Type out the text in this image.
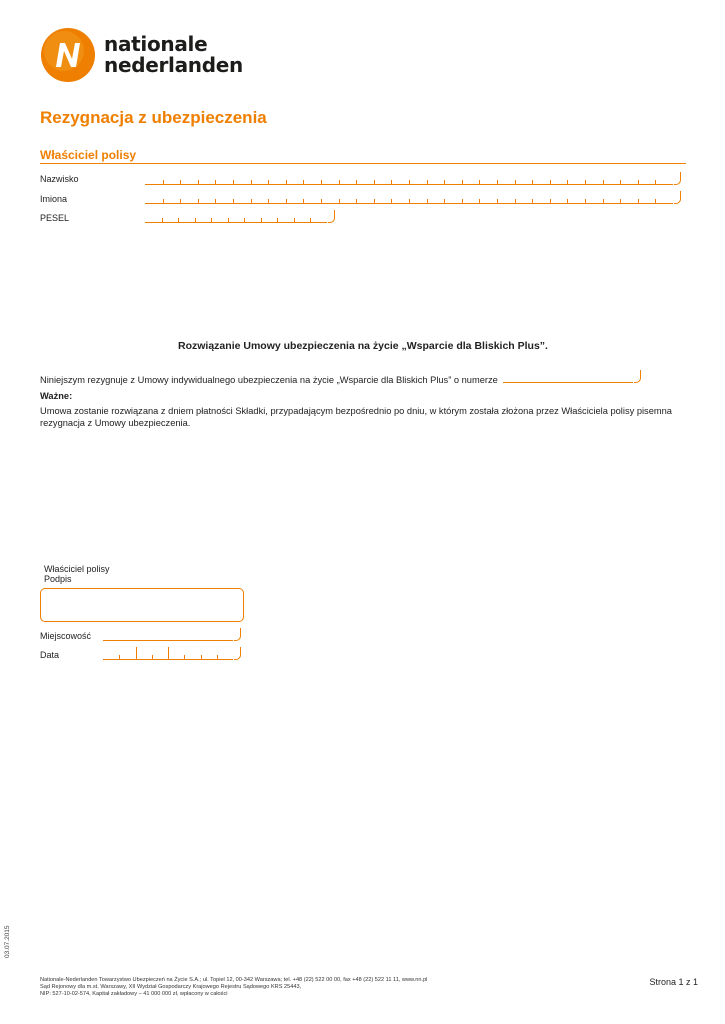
nationale
nederlanden
Rezygnacja z ubezpieczenia
Właściciel polisy
Nazwisko
Imiona
PESEL
Rozwiązanie Umowy ubezpieczenia na życie „Wsparcie dla Bliskich Plus”.
Niniejszym rezygnuje z Umowy indywidualnego ubezpieczenia na życie „Wsparcie dla Bliskich Plus” o numerze
Ważne:
Umowa zostanie rozwiązana z dniem płatności Składki, przypadającym bezpośrednio po dniu, w którym została złożona przez Właściciela polisy pisemna
rezygnacja z Umowy ubezpieczenia.
Właściciel polisy
Podpis
Miejscowość
Data
03.07.2015
Nationale-Nederlanden Towarzystwo Ubezpieczeń na Życie S.A.; ul. Topiel 12, 00-342 Warszawa; tel. +48 (22) 522 00 00, fax +48 (22) 522 11 11, www.nn.pl
Sąd Rejonowy dla m.st. Warszawy, XII Wydział Gospodarczy Krajowego Rejestru Sądowego KRS 25443,
NIP: 527-10-02-574, Kapitał zakładowy – 41 000 000 zł, wpłacony w całości
Strona 1 z 1
